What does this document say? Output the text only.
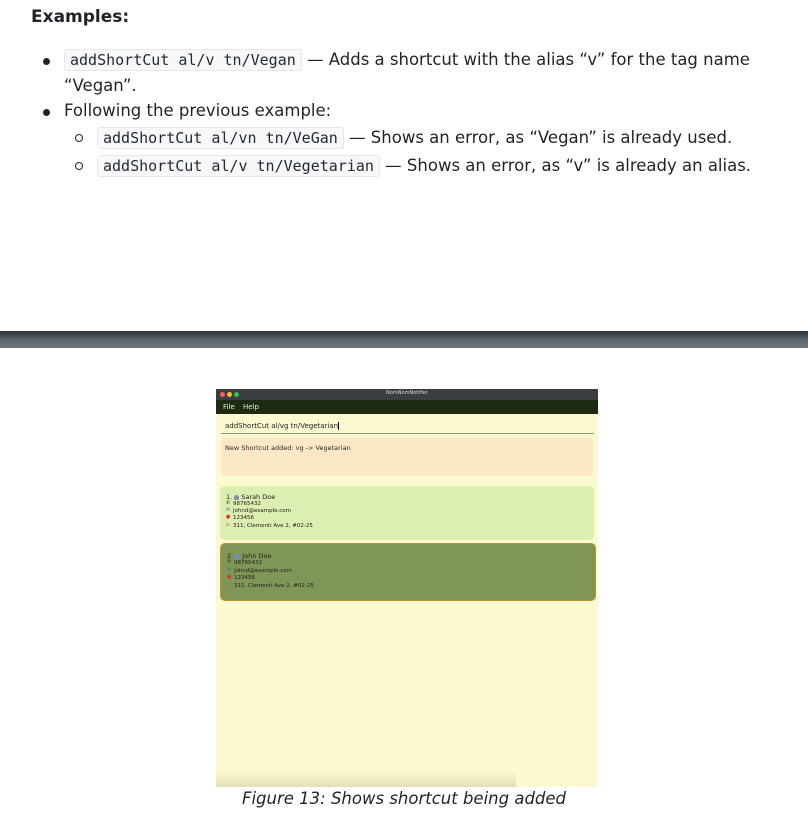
Examples:
addShortCut al/v tn/Vegan — Adds a shortcut with the alias “v” for the tag name
“Vegan”.
Following the previous example:
addShortCut al/vn tn/VeGan — Shows an error, as “Vegan” is already used.
addShortCut al/v tn/Vegetarian — Shows an error, as “v” is already an alias.
NomNomNotifier
File Help
addShortCut al/vg tn/Vegetarian
New Shortcut added: vg -> Vegetarian
1. Sarah Doe
✆ 98765432
✉ johnd@example.com
● 123456
⌂ 311, Clementi Ave 2, #02-25
2. John Doe
✆ 98765432
✉ johnd@example.com
● 123456
⌂ 311, Clementi Ave 2, #02-25
Figure 13: Shows shortcut being added
